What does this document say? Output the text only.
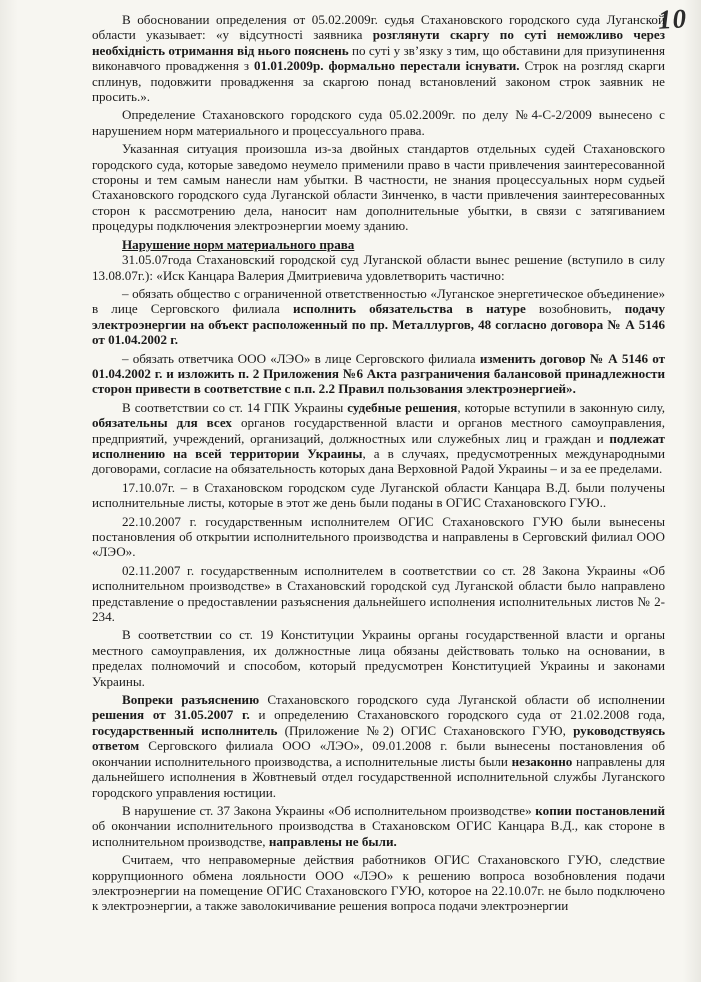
10

В обосновании определения от 05.02.2009г. судья Стахановского городского суда Луганской области указывает: «у відсутності заявника розглянути скаргу по суті неможливо через необхідність отримання від нього пояснень по суті у зв’язку з тим, що обставини для призупинення виконавчого провадження з 01.01.2009р. формально перестали існувати. Строк на розгляд скарги сплинув, подовжити провадження за скаргою понад встановлений законом строк заявник не просить.».

Определение Стахановского городского суда 05.02.2009г. по делу №4-С-2/2009 вынесено с нарушением норм материального и процессуального права.

Указанная ситуация произошла из-за двойных стандартов отдельных судей Стахановского городского суда, которые заведомо неумело применили право в части привлечения заинтересованной стороны и тем самым нанесли нам убытки. В частности, не знания процессуальных норм судьей Стахановского городского суда Луганской области Зинченко, в части привлечения заинтересованных сторон к рассмотрению дела, наносит нам дополнительные убытки, в связи с затягиванием процедуры подключения электроэнергии моему зданию.

Нарушение норм материального права

31.05.07года Стахановский городской суд Луганской области вынес решение (вступило в силу 13.08.07г.): «Иск Канцара Валерия Дмитриевича удовлетворить частично:

– обязать общество с ограниченной ответственностью «Луганское энергетическое объединение» в лице Серговского филиала исполнить обязательства в натуре возобновить, подачу электроэнергии на объект расположенный по пр. Металлургов, 48 согласно договора № А 5146 от 01.04.2002 г.

– обязать ответчика ООО «ЛЭО» в лице Серговского филиала изменить договор № А 5146 от 01.04.2002 г. и изложить п. 2 Приложения №6 Акта разграничения балансовой принадлежности сторон привести в соответствие с п.п. 2.2 Правил пользования электроэнергией».

В соответствии со ст. 14 ГПК Украины судебные решения, которые вступили в законную силу, обязательны для всех органов государственной власти и органов местного самоуправления, предприятий, учреждений, организаций, должностных или служебных лиц и граждан и подлежат исполнению на всей территории Украины, а в случаях, предусмотренных международными договорами, согласие на обязательность которых дана Верховной Радой Украины – и за ее пределами.

17.10.07г. – в Стахановском городском суде Луганской области Канцара В.Д. были получены исполнительные листы, которые в этот же день были поданы в ОГИС Стахановского ГУЮ..

22.10.2007 г. государственным исполнителем ОГИС Стахановского ГУЮ были вынесены постановления об открытии исполнительного производства и направлены в Серговский филиал ООО «ЛЭО».

02.11.2007 г. государственным исполнителем в соответствии со ст. 28 Закона Украины «Об исполнительном производстве» в Стахановский городской суд Луганской области было направлено представление о предоставлении разъяснения дальнейшего исполнения исполнительных листов № 2-234.

В соответствии со ст. 19 Конституции Украины органы государственной власти и органы местного самоуправления, их должностные лица обязаны действовать только на основании, в пределах полномочий и способом, который предусмотрен Конституцией Украины и законами Украины.

Вопреки разъяснению Стахановского городского суда Луганской области об исполнении решения от 31.05.2007 г. и определению Стахановского городского суда от 21.02.2008 года, государственный исполнитель (Приложение №2) ОГИС Стахановского ГУЮ, руководствуясь ответом Серговского филиала ООО «ЛЭО», 09.01.2008 г. были вынесены постановления об окончании исполнительного производства, а исполнительные листы были незаконно направлены для дальнейшего исполнения в Жовтневый отдел государственной исполнительной службы Луганского городского управления юстиции.

В нарушение ст. 37 Закона Украины «Об исполнительном производстве» копии постановлений об окончании исполнительного производства в Стахановском ОГИС Канцара В.Д., как стороне в исполнительном производстве, направлены не были.

Считаем, что неправомерные действия работников ОГИС Стахановского ГУЮ, следствие коррупционного обмена лояльности ООО «ЛЭО» к решению вопроса возобновления подачи электроэнергии на помещение ОГИС Стахановского ГУЮ, которое на 22.10.07г. не было подключено к электроэнергии, а также заволокичивание решения вопроса подачи электроэнергии
